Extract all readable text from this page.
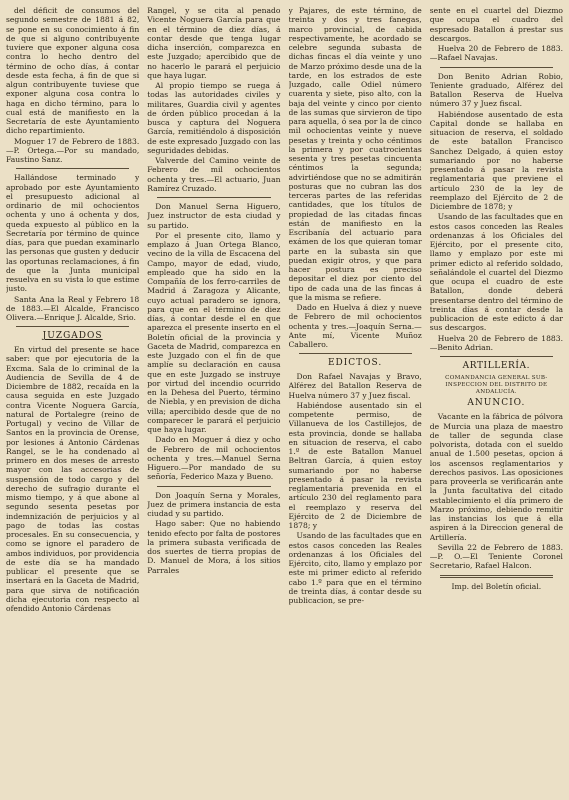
del déficit de consumos del segundo semestre de 1881 á 82, se pone en su conocimiento á fin de que si alguno contribuyente tuviere que exponer alguna cosa contra lo hecho dentro del término de ocho días, á contar desde esta fecha, á fin de que si algun contribuyente tuviese que exponer alguna cosa contra lo haga en dicho término, para lo cual está de manifiesto en la Secretaría de este Ayuntamiento dicho repartimiento.

Moguer 17 de Febrero de 1883.—P. Ortega.—Por su mandado, Faustino Sanz.

Hallándose terminado y aprobado por este Ayuntamiento el presupuesto adicional al ordinario de mil ochocientos ochenta y uno á ochenta y dos, queda expuesto al público en la Secretaría por término de quince días, para que puedan examinarlo las personas que gusten y deducir las oportunas reclamaciones, á fin de que la Junta municipal resuelva en su vista lo que estime justo.

Santa Ana la Real y Febrero 18 de 1883.—El Alcalde, Francisco Olivera.—Enrique J. Alcalde, Srio.

JUZGADOS

En virtud del presente se hace saber: que por ejecutoria de la Excma. Sala de lo criminal de la Audiencia de Sevilla de 4 de Diciembre de 1882, recaída en la causa seguida en este Juzgado contra Vicente Noguera García, natural de Portalegre (reino de Portugal) y vecino de Villar de Santos en la provincia de Orense, por lesiones á Antonio Cárdenas Rangel, se le ha condenado al primero en dos meses de arresto mayor con las accesorias de suspensión de todo cargo y del derecho de sufragio durante el mismo tiempo, y á que abone al segundo sesenta pesetas por indemnización de perjuicios y al pago de todas las costas procesales. En su consecuencia, y como se ignore el paradero de ambos individuos, por providencia de este día se ha mandado publicar el presente que se insertará en la Gaceta de Madrid, para que sirva de notificación dicha ejecutoria con respecto al ofendido Antonio Cárdenas

Rangel, y se cita al penado Vicente Noguera García para que en el término de diez días, á contar desde que tenga lugar dicha inserción, comparezca en este Juzgado; apercibido que de no hacerlo le parará el perjuicio que haya lugar.

Al propio tiempo se ruega á todas las autoridades civiles y militares, Guardia civil y agentes de órden público procedan á la busca y captura del Noguera García, remitiéndolo á disposición de este expresado Juzgado con las seguridades debidas.

Valverde del Camino veinte de Febrero de mil ochocientos ochenta y tres.—El actuario, Juan Ramírez Cruzado.

Don Manuel Serna Higuero, Juez instructor de esta ciudad y su partido.

Por el presente cito, llamo y emplazo á Juan Ortega Blanco, vecino de la villa de Escacena del Campo, mayor de edad, viudo, empleado que ha sido en la Compañía de los ferro-carriles de Madrid á Zaragoza y Alicante, cuyo actual paradero se ignora, para que en el término de diez días, á contar desde el en que aparezca el presente inserto en el Boletín oficial de la provincia y Gaceta de Madrid, comparezca en este Juzgado con el fin de que amplíe su declaración en causa que en este Juzgado se instruye por virtud del incendio ocurrido en la Dehesa del Puerto, término de Niebla, y en prevision de dicha villa; apercibido desde que de no comparecer le parará el perjuicio que haya lugar.

Dado en Moguer á diez y ocho de Febrero de mil ochocientos ochenta y tres.—Manuel Serna Higuero.—Por mandado de su señoría, Federico Maza y Bueno.

Don Joaquín Serna y Morales, Juez de primera instancia de esta ciudad y su partido.

Hago saber: Que no habiendo tenido efecto por falta de postores la primera subasta verificada de dos suertes de tierra propias de D. Manuel de Mora, á los sitios Parrales

y Pajares, de este término, de treinta y dos y tres fanegas, marco provincial, de cabida respectivamente, he acordado se celebre segunda subasta de dichas fincas el día veinte y uno de Marzo próximo desde una de la tarde, en los estrados de este Juzgado, calle Odiel número cuarenta y siete, piso alto, con la baja del veinte y cinco por ciento de las sumas que sirvieron de tipo para aquella, ó sea por la de cinco mil ochocientas veinte y nueve pesetas y treinta y ocho céntimos la primera y por cuatrocientas sesenta y tres pesetas cincuenta céntimos la segunda; advirtiéndose que no se admitirán posturas que no cubran las dos terceras partes de las referidas cantidades, que los títulos de propiedad de las citadas fincas están de manifiesto en la Escribanía del actuario para exámen de los que quieran tomar parte en la subasta sin que puedan exigir otros, y que para hacer postura es preciso depositar el diez por ciento del tipo de cada una de las fincas á que la misma se refiere.

Dado en Huelva á diez y nueve de Febrero de mil ochocientos ochenta y tres.—Joaquín Serna.—Ante mí, Vicente Muñoz Caballero.

EDICTOS.

Don Rafael Navajas y Bravo, Alférez del Batallon Reserva de Huelva número 37 y Juez fiscal.

Habiéndose ausentado sin el competente permiso, de Villanueva de los Castillejos, de esta provincia, donde se hallaba en situacion de reserva, el cabo 1.º de este Batallon Manuel Beltran García, á quien estoy sumariando por no haberse presentado á pasar la revista reglamentaria prevenida en el artículo 230 del reglamento para el reemplazo y reserva del Ejército de 2 de Diciembre de 1878; y

Usando de las facultades que en estos casos conceden las Reales ordenanzas á los Oficiales del Ejército, cito, llamo y emplazo por este mi primer edicto al referido cabo 1.º para que en el término de treinta días, á contar desde su publicacion, se pre-

sente en el cuartel del Diezmo que ocupa el cuadro del espresado Batallon á prestar sus descargos.

Huelva 20 de Febrero de 1883.—Rafael Navajas.

Don Benito Adrian Robio, Teniente graduado, Alférez del Batallon Reserva de Huelva número 37 y Juez fiscal.

Habiéndose ausentado de esta Capital donde se hallaba en situacion de reserva, el soldado de este batallon Francisco Sanchez Delgado, á quien estoy sumariando por no haberse presentado á pasar la revista reglamentaria que previene el artículo 230 de la ley de reemplazo del Ejército de 2 de Diciembre de 1878; y

Usando de las facultades que en estos casos conceden las Reales ordenanzas á los Oficiales del Ejército, por el presente cito, llamo y emplazo por este mi primer edicto al referido soldado, señalándole el cuartel del Diezmo que ocupa el cuadro de este Batallon, donde deberá presentarse dentro del término de treinta días á contar desde la publicacion de este edicto á dar sus descargos.

Huelva 20 de Febrero de 1883.—Benito Adrian.

ARTILLERÍA.
COMANDANCIA GENERAL SUB-INSPECCION DEL DISTRITO DE ANDALUCÍA.
ANUNCIO.

Vacante en la fábrica de pólvora de Murcia una plaza de maestro de taller de segunda clase polvorista, dotada con el sueldo anual de 1.500 pesetas, opcion á los ascensos reglamentarios y derechos pasivos. Las oposiciones para proveerla se verificarán ante la Junta facultativa del citado establecimiento el día primero de Marzo próximo, debiendo remitir las instancias los que á ella aspiren á la Direccion general de Artillería.

Sevilla 22 de Febrero de 1883.—P. O.—El Teniente Coronel Secretario, Rafael Halcon.

Imp. del Boletín oficial.
